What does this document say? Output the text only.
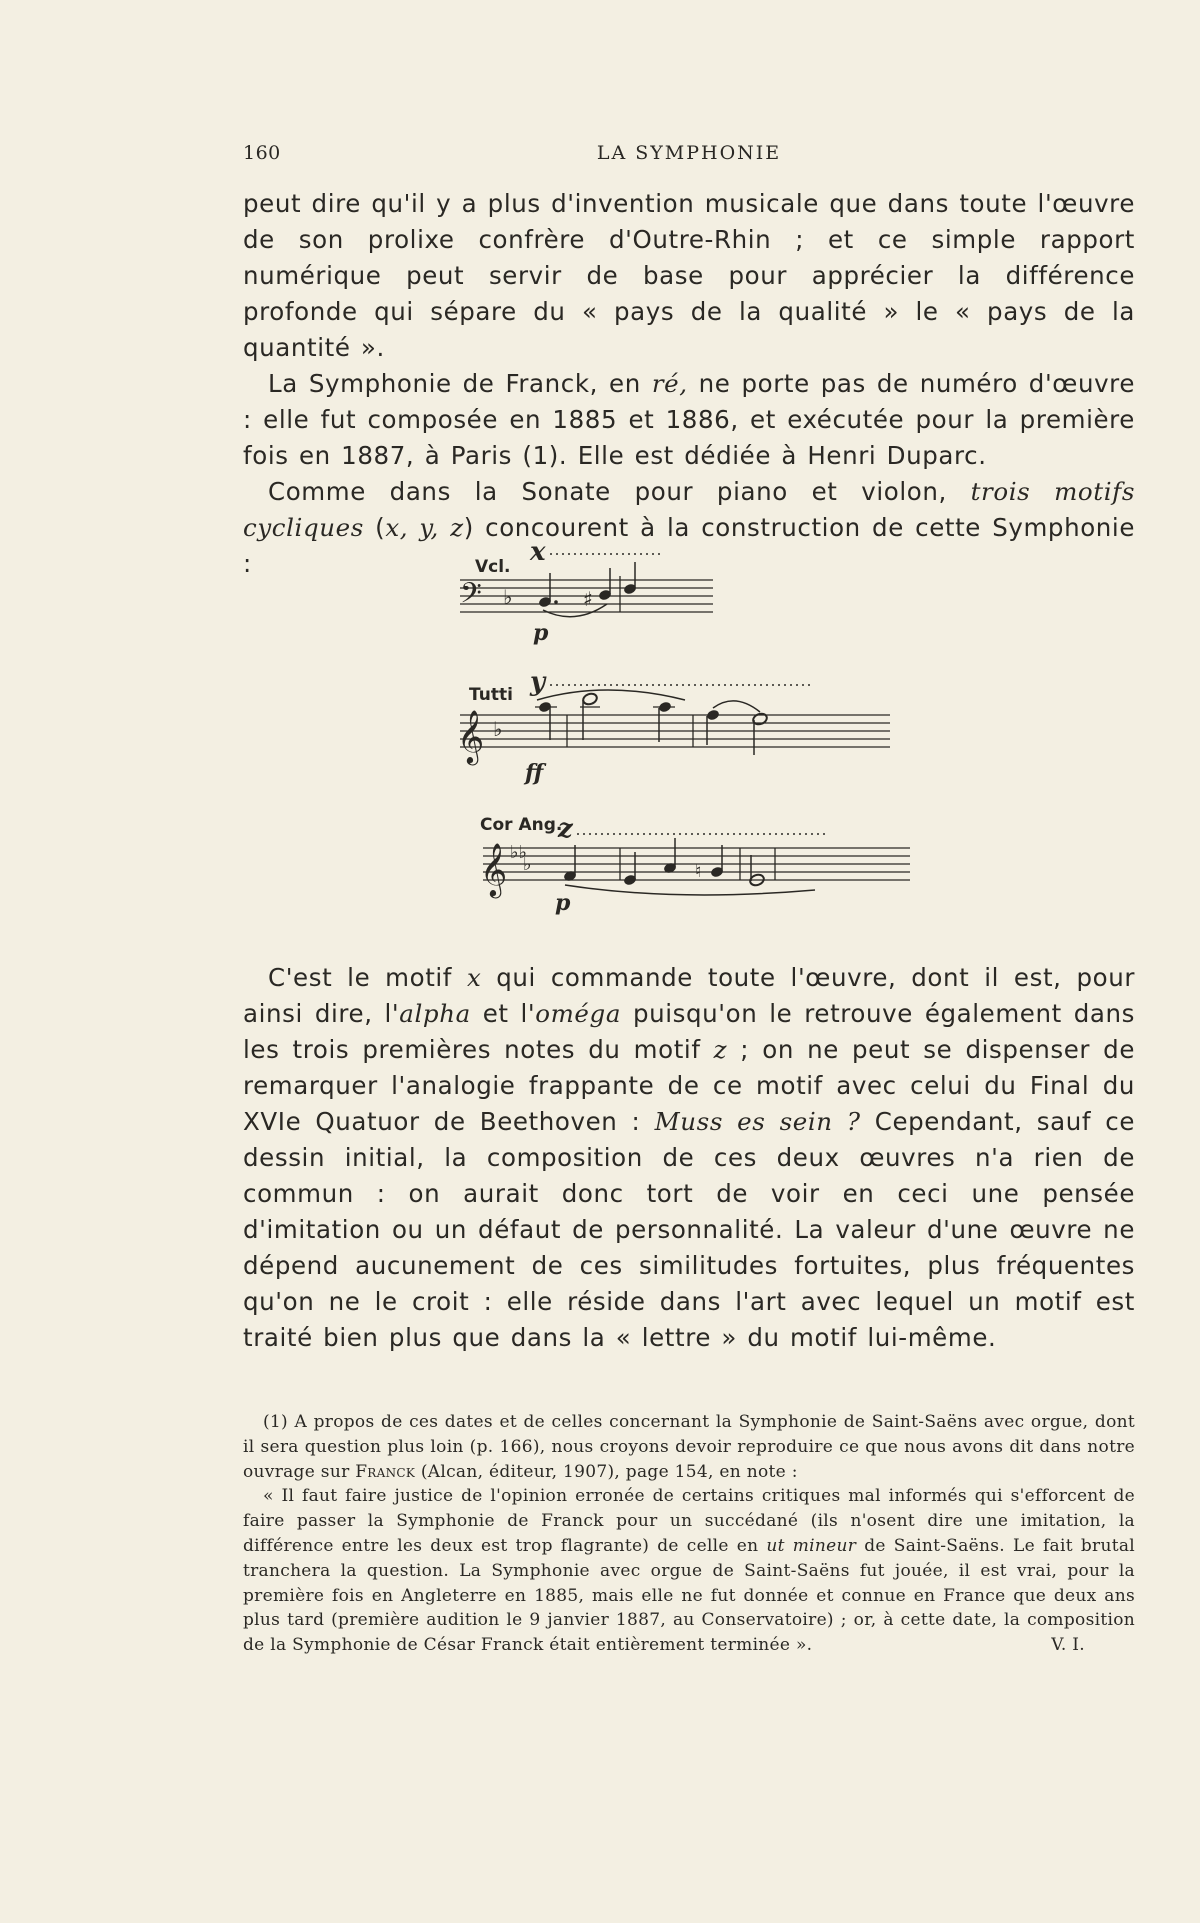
160	LA SYMPHONIE

peut dire qu'il y a plus d'invention musicale que dans toute l'œuvre de son prolixe confrère d'Outre-Rhin ; et ce simple rapport numérique peut servir de base pour apprécier la différence profonde qui sépare du « pays de la qualité » le « pays de la quantité ».

La Symphonie de Franck, en ré, ne porte pas de numéro d'œuvre : elle fut composée en 1885 et 1886, et exécutée pour la première fois en 1887, à Paris (1). Elle est dédiée à Henri Duparc.

Comme dans la Sonate pour piano et violon, trois motifs cycliques (x, y, z) concourent à la construction de cette Symphonie :	Vcl. x
𝄢 ♭	♯
p
Tutti y
𝄞 ♭
ff
Cor Ang.
z
𝄞 ♭♭
♭	♮
p

C'est le motif x qui commande toute l'œuvre, dont il est, pour ainsi dire, l'alpha et l'oméga puisqu'on le retrouve également dans les trois premières notes du motif z ; on ne peut se dispenser de remarquer l'analogie frappante de ce motif avec celui du Final du XVIe Quatuor de Beethoven : Muss es sein ? Cependant, sauf ce dessin initial, la composition de ces deux œuvres n'a rien de commun : on aurait donc tort de voir en ceci une pensée d'imitation ou un défaut de personnalité. La valeur d'une œuvre ne dépend aucunement de ces similitudes fortuites, plus fréquentes qu'on ne le croit : elle réside dans l'art avec lequel un motif est traité bien plus que dans la « lettre » du motif lui-même.

(1) A propos de ces dates et de celles concernant la Symphonie de Saint-Saëns avec orgue, dont il sera question plus loin (p. 166), nous croyons devoir reproduire ce que nous avons dit dans notre ouvrage sur Franck (Alcan, éditeur, 1907), page 154, en note :

« Il faut faire justice de l'opinion erronée de certains critiques mal informés qui s'efforcent de faire passer la Symphonie de Franck pour un succédané (ils n'osent dire une imitation, la différence entre les deux est trop flagrante) de celle en ut mineur de Saint-Saëns. Le fait brutal tranchera la question. La Symphonie avec orgue de Saint-Saëns fut jouée, il est vrai, pour la première fois en Angleterre en 1885, mais elle ne fut donnée et connue en France que deux ans plus tard (première audition le 9 janvier 1887, au Conservatoire) ; or, à cette date, la composition de la Symphonie de César Franck était entièrement terminée ».	V. I.
